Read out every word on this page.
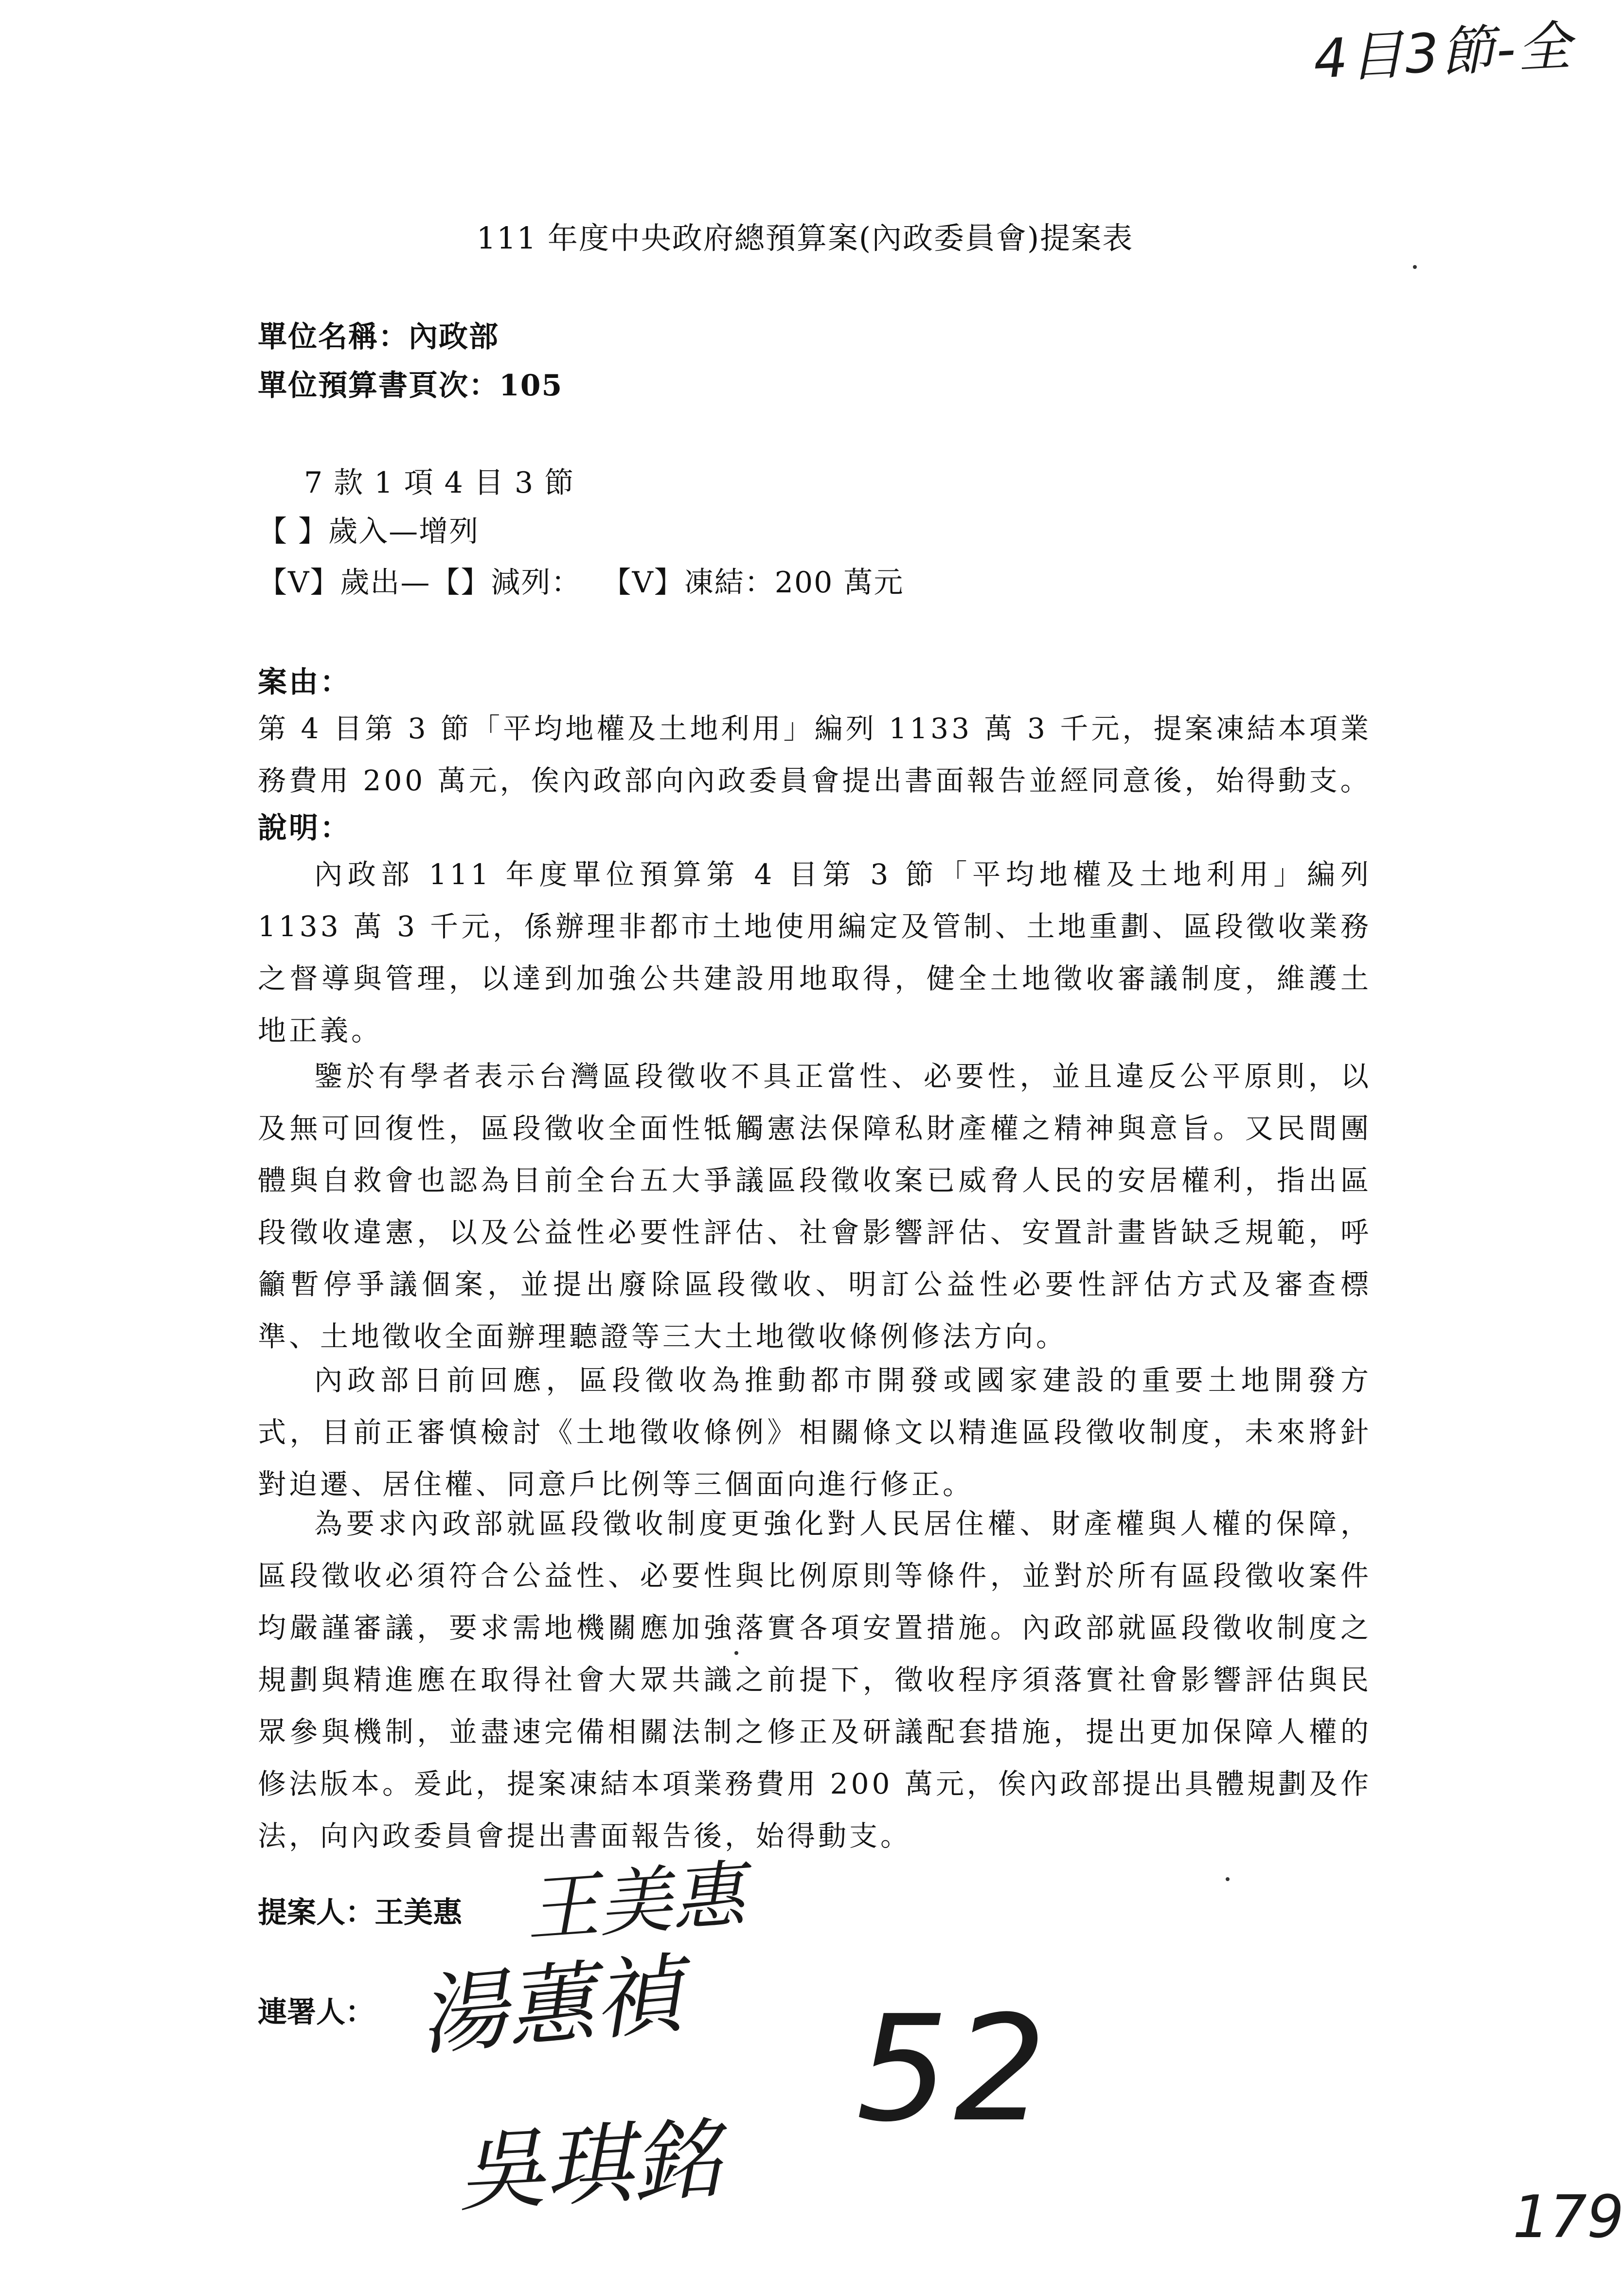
4目3節-全
111 年度中央政府總預算案(內政委員會)提案表
單位名稱：內政部
單位預算書頁次：105
7 款 1 項 4 目 3 節
【 】歲入—增列
【V】歲出—【】減列：  【V】凍結：200 萬元
案由：

第 4 目第 3 節「平均地權及土地利用」編列 1133 萬 3 千元，提案凍結本項業務費用 200 萬元，俟內政部向內政委員會提出書面報告並經同意後，始得動支。

說明：

內政部 111 年度單位預算第 4 目第 3 節「平均地權及土地利用」編列 1133 萬 3 千元，係辦理非都市土地使用編定及管制、土地重劃、區段徵收業務之督導與管理，以達到加強公共建設用地取得，健全土地徵收審議制度，維護土地正義。

鑒於有學者表示台灣區段徵收不具正當性、必要性，並且違反公平原則，以及無可回復性，區段徵收全面性牴觸憲法保障私財產權之精神與意旨。又民間團體與自救會也認為目前全台五大爭議區段徵收案已威脅人民的安居權利，指出區段徵收違憲，以及公益性必要性評估、社會影響評估、安置計畫皆缺乏規範，呼籲暫停爭議個案，並提出廢除區段徵收、明訂公益性必要性評估方式及審查標準、土地徵收全面辦理聽證等三大土地徵收條例修法方向。

內政部日前回應，區段徵收為推動都市開發或國家建設的重要土地開發方式，目前正審慎檢討《土地徵收條例》相關條文以精進區段徵收制度，未來將針對迫遷、居住權、同意戶比例等三個面向進行修正。

為要求內政部就區段徵收制度更強化對人民居住權、財產權與人權的保障，區段徵收必須符合公益性、必要性與比例原則等條件，並對於所有區段徵收案件均嚴謹審議，要求需地機關應加強落實各項安置措施。內政部就區段徵收制度之規劃與精進應在取得社會大眾共識之前提下，徵收程序須落實社會影響評估與民眾參與機制，並盡速完備相關法制之修正及研議配套措施，提出更加保障人權的修法版本。爰此，提案凍結本項業務費用 200 萬元，俟內政部提出具體規劃及作法，向內政委員會提出書面報告後，始得動支。

提案人：王美惠 王美惠
連署人： 湯蕙禎
吳琪銘
52
179
